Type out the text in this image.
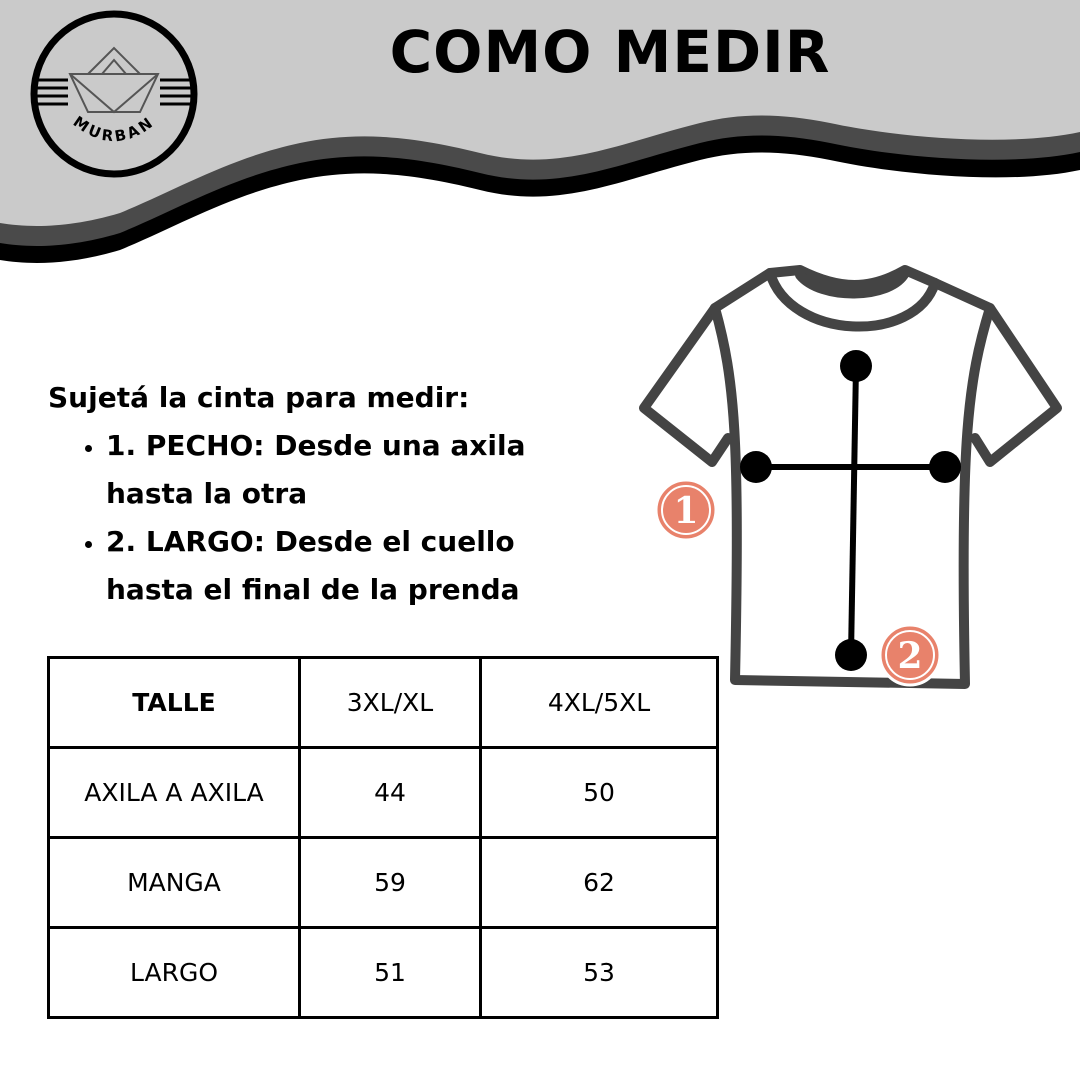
MURBAN
COMO MEDIR

Sujetá la cinta para medir:

• 1. PECHO: Desde una axila hasta la otra
• 2. LARGO: Desde el cuello hasta el final de la prenda
1
2
TALLE	3XL/XL	4XL/5XL
AXILA A AXILA	44	50
MANGA	59	62
LARGO	51	53
